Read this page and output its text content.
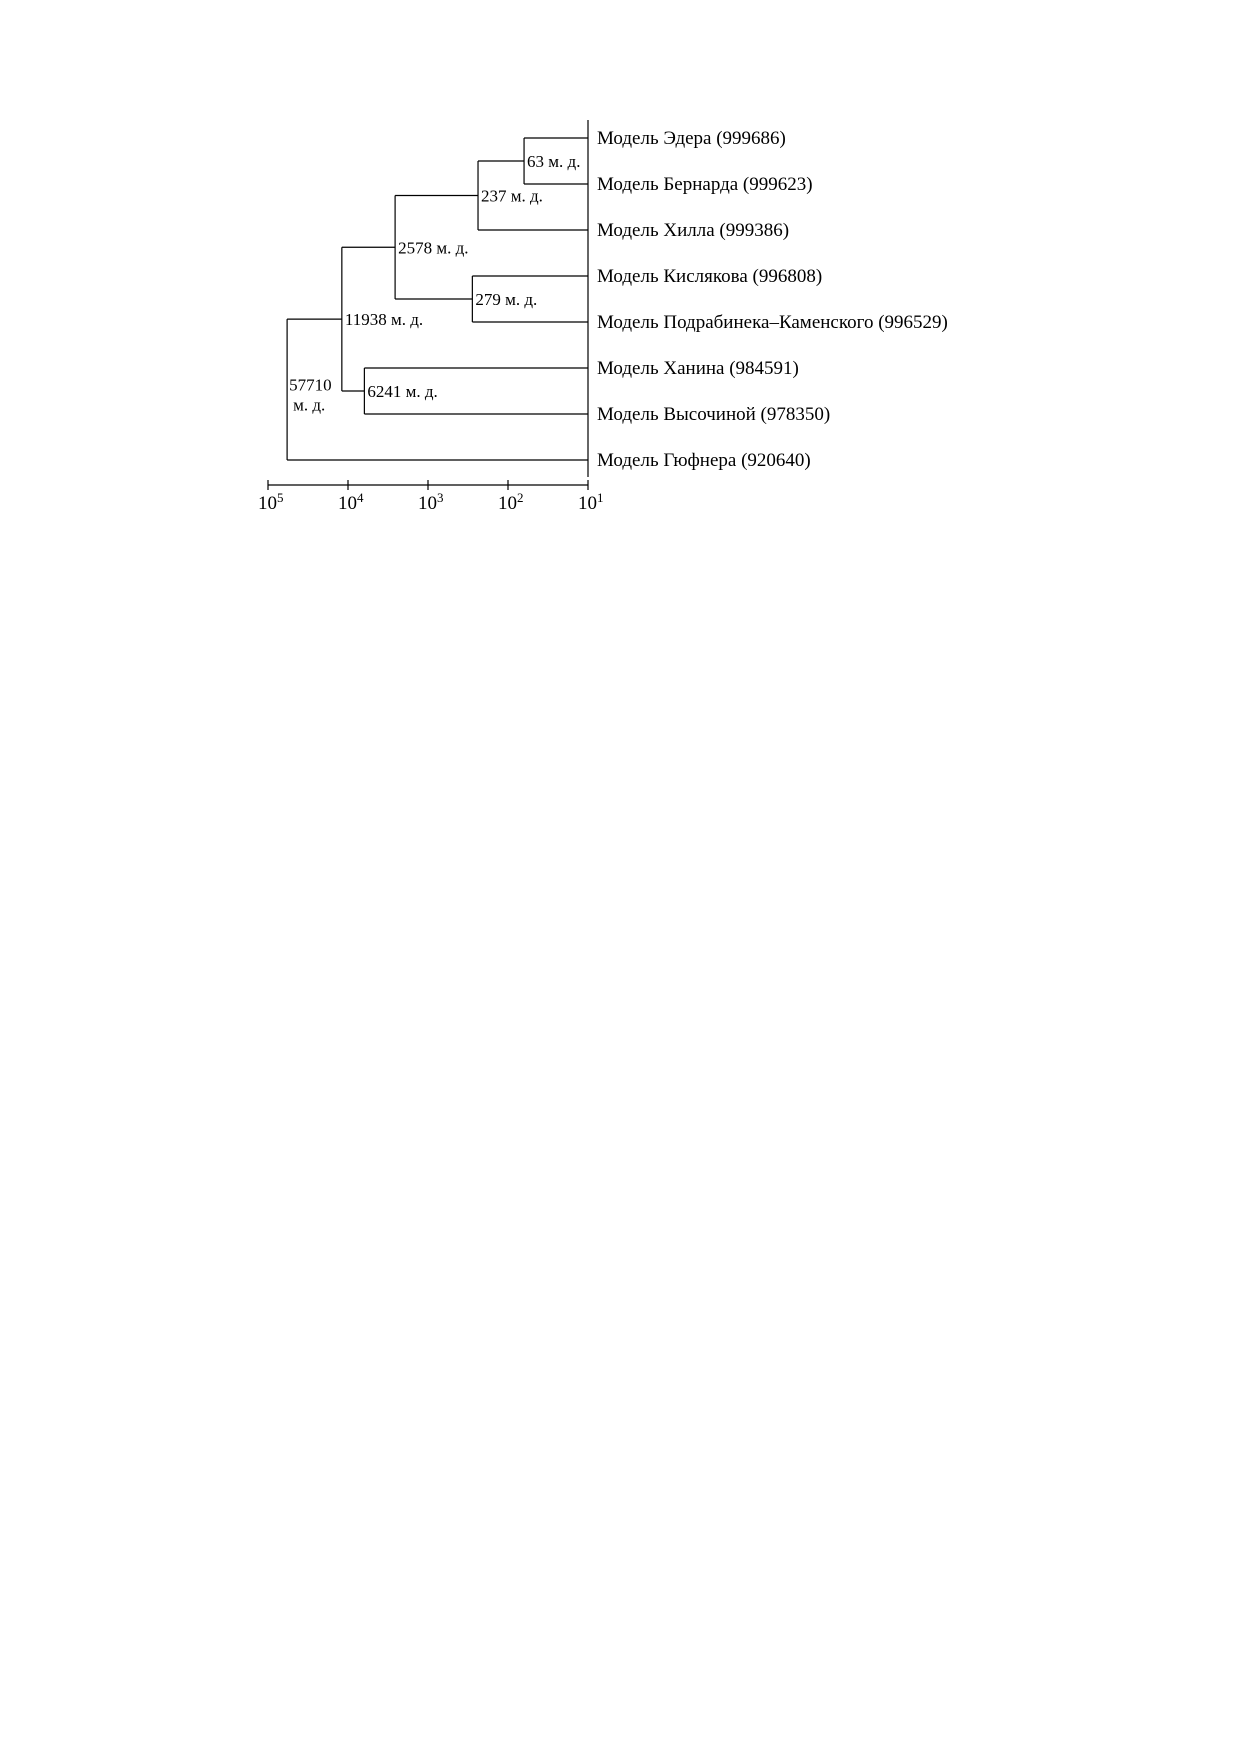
Модель Эдера (999686)
Модель Бернарда (999623)
Модель Хилла (999386)
Модель Кислякова (996808)
Модель Подрабинека–Каменского (996529)
Модель Ханина (984591)
Модель Высочиной (978350)
Модель Гюфнера (920640)
63 м. д.
237 м. д.
279 м. д.
2578 м. д.
6241 м. д.
11938 м. д.
57710
м. д.
$10^5$	$10^4$	$10^3$	$10^2$	$10^1$
